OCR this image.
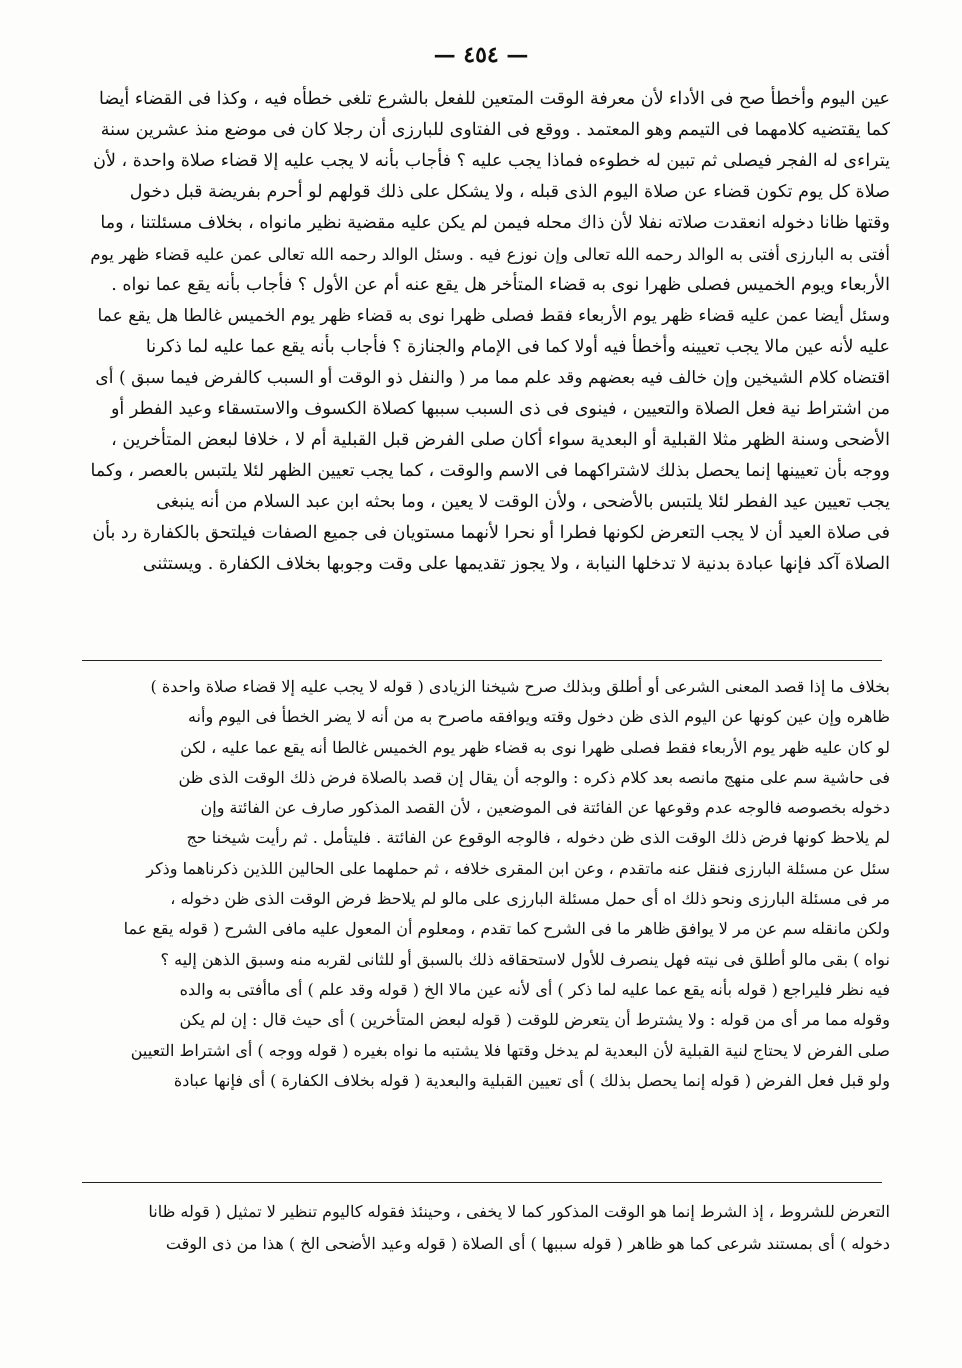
— ٤٥٤ —
عين اليوم وأخطأ صح فى الأداء لأن معرفة الوقت المتعين للفعل بالشرع تلغى خطأه فيه ، وكذا فى القضاء أيضا
كما يقتضيه كلامهما فى التيمم وهو المعتمد . ووقع فى الفتاوى للبارزى أن رجلا كان فى موضع منذ عشرين سنة
يتراءى له الفجر فيصلى ثم تبين له خطوءه فماذا يجب عليه ؟ فأجاب بأنه لا يجب عليه إلا قضاء صلاة واحدة ، لأن
صلاة كل يوم تكون قضاء عن صلاة اليوم الذى قبله ، ولا يشكل على ذلك قولهم لو أحرم بفريضة قبل دخول
وقتها ظانا دخوله انعقدت صلاته نفلا لأن ذاك محله فيمن لم يكن عليه مقضية نظير مانواه ، بخلاف مسئلتنا ، وما
أفتى به البارزى أفتى به الوالد رحمه الله تعالى وإن نوزع فيه . وسئل الوالد رحمه الله تعالى عمن عليه قضاء ظهر يوم
الأربعاء ويوم الخميس فصلى ظهرا نوى به قضاء المتأخر هل يقع عنه أم عن الأول ؟ فأجاب بأنه يقع عما نواه .
وسئل أيضا عمن عليه قضاء ظهر يوم الأربعاء فقط فصلى ظهرا نوى به قضاء ظهر يوم الخميس غالطا هل يقع عما
عليه لأنه عين مالا يجب تعيينه وأخطأ فيه أولا كما فى الإمام والجنازة ؟ فأجاب بأنه يقع عما عليه لما ذكرنا
اقتضاه كلام الشيخين وإن خالف فيه بعضهم وقد علم مما مر ( والنفل ذو الوقت أو السبب كالفرض فيما سبق ) أى
من اشتراط نية فعل الصلاة والتعيين ، فينوى فى ذى السبب سببها كصلاة الكسوف والاستسقاء وعيد الفطر أو
الأضحى وسنة الظهر مثلا القبلية أو البعدية سواء أكان صلى الفرض قبل القبلية أم لا ، خلافا لبعض المتأخرين ،
ووجه بأن تعيينها إنما يحصل بذلك لاشتراكهما فى الاسم والوقت ، كما يجب تعيين الظهر لئلا يلتبس بالعصر ، وكما
يجب تعيين عيد الفطر لئلا يلتبس بالأضحى ، ولأن الوقت لا يعين ، وما بحثه ابن عبد السلام من أنه ينبغى
فى صلاة العيد أن لا يجب التعرض لكونها فطرا أو نحرا لأنهما مستويان فى جميع الصفات فيلتحق بالكفارة رد بأن
الصلاة آكد فإنها عبادة بدنية لا تدخلها النيابة ، ولا يجوز تقديمها على وقت وجوبها بخلاف الكفارة . ويستثنى
بخلاف ما إذا قصد المعنى الشرعى أو أطلق وبذلك صرح شيخنا الزيادى ( قوله لا يجب عليه إلا قضاء صلاة واحدة )
ظاهره وإن عين كونها عن اليوم الذى ظن دخول وقته ويوافقه ماصرح به من أنه لا يضر الخطأ فى اليوم وأنه
لو كان عليه ظهر يوم الأربعاء فقط فصلى ظهرا نوى به قضاء ظهر يوم الخميس غالطا أنه يقع عما عليه ، لكن
فى حاشية سم على منهج مانصه بعد كلام ذكره : والوجه أن يقال إن قصد بالصلاة فرض ذلك الوقت الذى ظن
دخوله بخصوصه فالوجه عدم وقوعها عن الفائتة فى الموضعين ، لأن القصد المذكور صارف عن الفائتة وإن
لم يلاحظ كونها فرض ذلك الوقت الذى ظن دخوله ، فالوجه الوقوع عن الفائتة . فليتأمل . ثم رأيت شيخنا حج
سئل عن مسئلة البارزى فنقل عنه ماتقدم ، وعن ابن المقرى خلافه ، ثم حملهما على الحالين اللذين ذكرناهما وذكر
مر فى مسئلة البارزى ونحو ذلك اه أى حمل مسئلة البارزى على مالو لم يلاحظ فرض الوقت الذى ظن دخوله ،
ولكن مانقله سم عن مر لا يوافق ظاهر ما فى الشرح كما تقدم ، ومعلوم أن المعول عليه مافى الشرح ( قوله يقع عما
نواه ) بقى مالو أطلق فى نيته فهل ينصرف للأول لاستحقاقه ذلك بالسبق أو للثانى لقربه منه وسبق الذهن إليه ؟
فيه نظر فليراجع ( قوله بأنه يقع عما عليه لما ذكر ) أى لأنه عين مالا الخ ( قوله وقد علم ) أى ماأفتى به والده
وقوله مما مر أى من قوله : ولا يشترط أن يتعرض للوقت ( قوله لبعض المتأخرين ) أى حيث قال : إن لم يكن
صلى الفرض لا يحتاج لنية القبلية لأن البعدية لم يدخل وقتها فلا يشتبه ما نواه بغيره ( قوله ووجه ) أى اشتراط التعيين
ولو قبل فعل الفرض ( قوله إنما يحصل بذلك ) أى تعيين القبلية والبعدية ( قوله بخلاف الكفارة ) أى فإنها عبادة
التعرض للشروط ، إذ الشرط إنما هو الوقت المذكور كما لا يخفى ، وحينئذ فقوله كاليوم تنظير لا تمثيل ( قوله ظانا
دخوله ) أى بمستند شرعى كما هو ظاهر ( قوله سببها ) أى الصلاة ( قوله وعيد الأضحى الخ ) هذا من ذى الوقت
